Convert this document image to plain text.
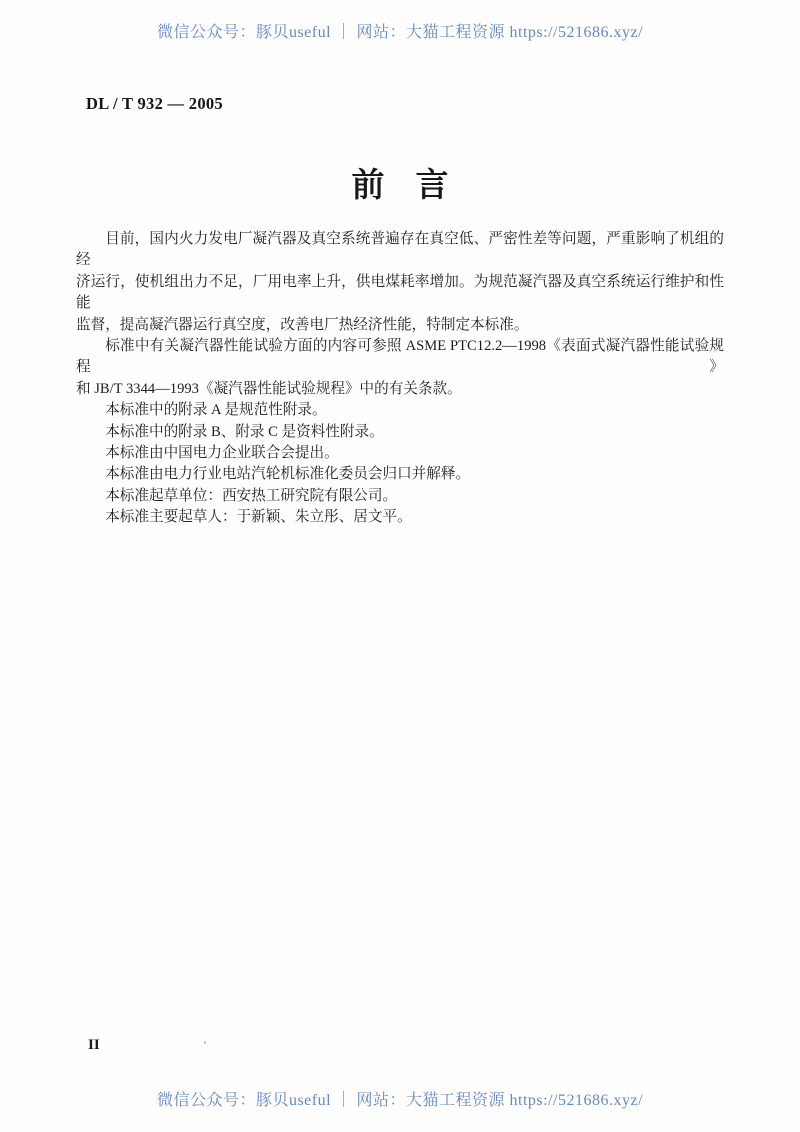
微信公众号：豚贝useful ｜ 网站：大猫工程资源 https://521686.xyz/
DL / T 932 — 2005
前 言
目前，国内火力发电厂凝汽器及真空系统普遍存在真空低、严密性差等问题，严重影响了机组的经
济运行，使机组出力不足，厂用电率上升，供电煤耗率增加。为规范凝汽器及真空系统运行维护和性能
监督，提高凝汽器运行真空度，改善电厂热经济性能，特制定本标准。
标准中有关凝汽器性能试验方面的内容可参照 ASME PTC12.2—1998《表面式凝汽器性能试验规程》
和 JB/T 3344—1993《凝汽器性能试验规程》中的有关条款。
本标准中的附录 A 是规范性附录。
本标准中的附录 B、附录 C 是资料性附录。
本标准由中国电力企业联合会提出。
本标准由电力行业电站汽轮机标准化委员会归口并解释。
本标准起草单位：西安热工研究院有限公司。
本标准主要起草人：于新颖、朱立彤、居文平。
II
微信公众号：豚贝useful ｜ 网站：大猫工程资源 https://521686.xyz/
